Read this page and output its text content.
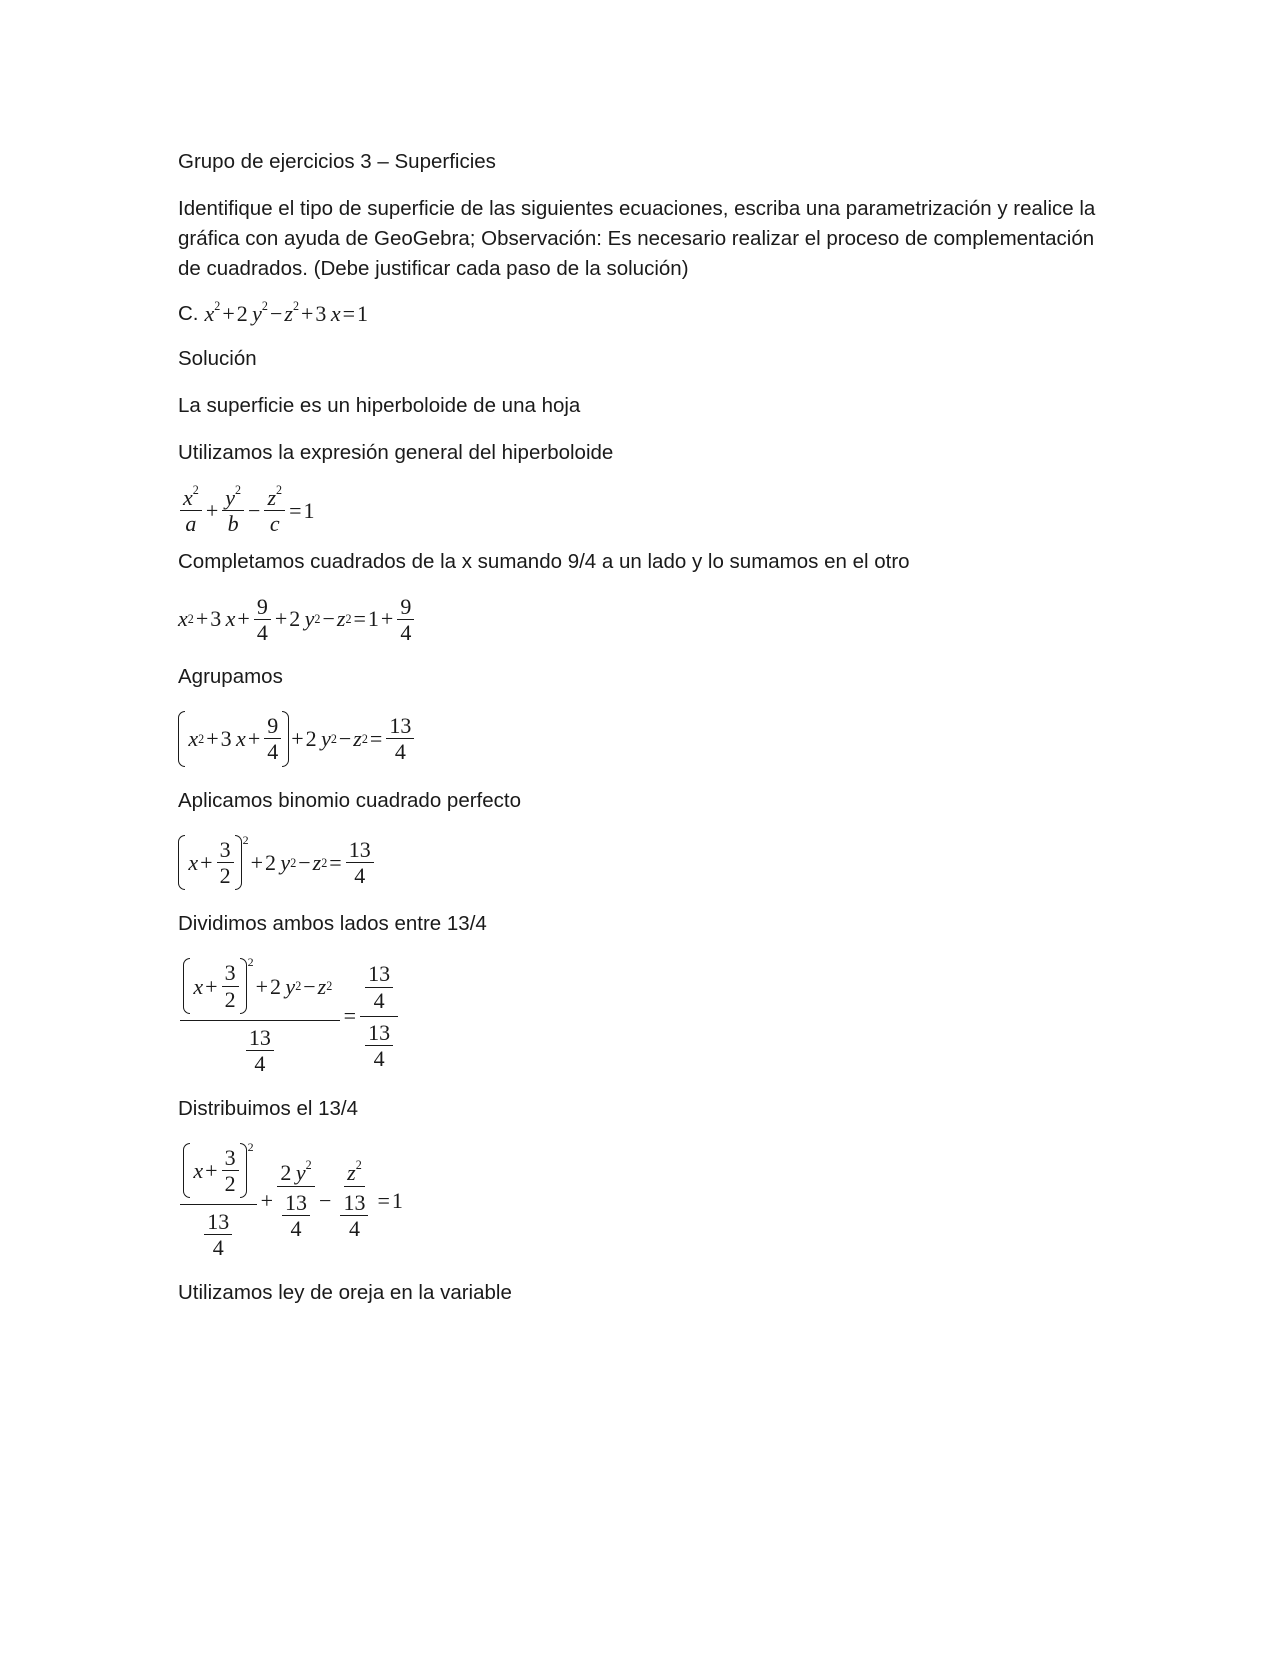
Grupo de ejercicios 3 – Superficies

Identifique el tipo de superficie de las siguientes ecuaciones, escriba una parametrización y realice la gráfica con ayuda de GeoGebra; Observación: Es necesario realizar el proceso de complementación de cuadrados. (Debe justificar cada paso de la solución)

C. $x^2+2$ $y^2-z^2+3$ x=1

Solución

La superficie es un hiperboloide de una hoja

Utilizamos la expresión general del hiperboloide

$\frac{x^2}{a} + \frac{y^2}{b} - \frac{z^2}{c} = 1$

Completamos cuadrados de la x sumando 9/4 a un lado y lo sumamos en el otro

x 2 + 3  $x + \frac{9}{4} + 2$  y 2 − z $2 = 1 + \frac{9}{4}$

Agrupamos

x 2 + 3  $x + \frac{9}{4} + 2$  y 2 − z $2 = \frac{13}{4}$

Aplicamos binomio cuadrado perfecto

$x + \frac{3}{2} 2$
+ 2  y 2 − z $2 = \frac{13}{4}$

Dividimos ambos lados entre 13/4

$x + \frac{3}{2} 2$
+ 2  y 2 − z 2

$\frac{13}{4} = \frac{\frac{13}{4}}{\frac{13}{4}}$

Distribuimos el 13/4

$\frac{x + \frac{3}{2} 2}{\frac{13}{4}} + \frac{2 y^2}{\frac{13}{4}} - \frac{z^2}{\frac{13}{4}} = 1$

Utilizamos ley de oreja en la variable
